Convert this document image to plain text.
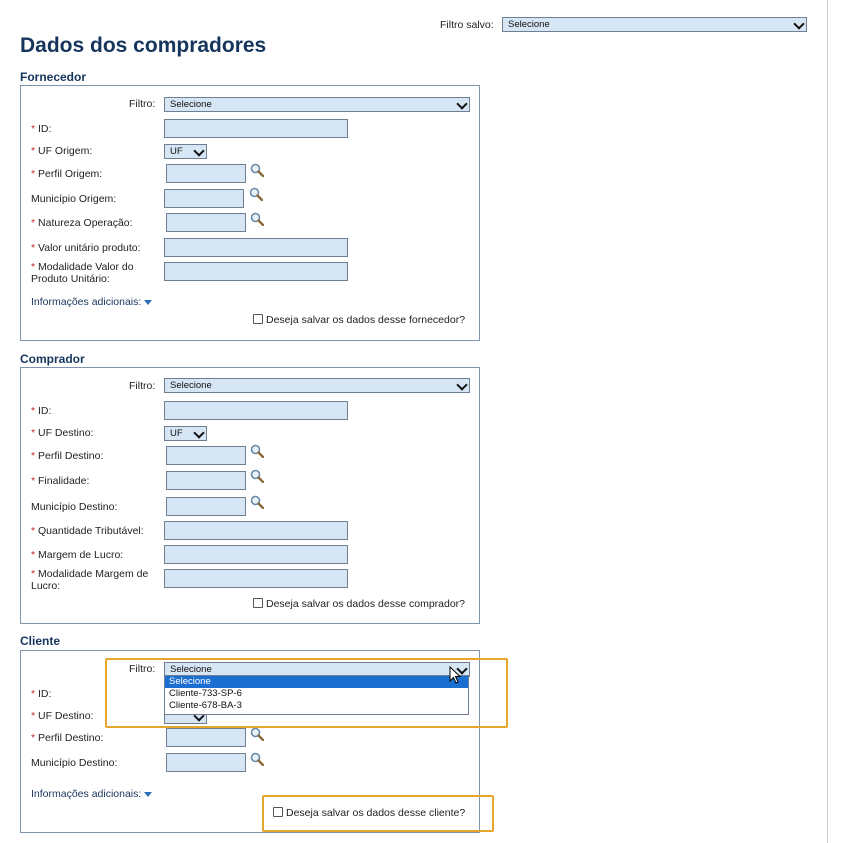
Filtro salvo:	Selecione
Dados dos compradores
Fornecedor
Filtro:	Selecione
* ID:
* UF Origem:	UF
* Perfil Origem:
Município Origem:
* Natureza Operação:
* Valor unitário produto:
* Modalidade Valor do
Produto Unitário:
Informações adicionais:
Deseja salvar os dados desse fornecedor?
Comprador
Filtro:	Selecione
* ID:
* UF Destino:	UF
* Perfil Destino:
* Finalidade:
Município Destino:
* Quantidade Tributável:
* Margem de Lucro:
* Modalidade Margem de
Lucro:
Deseja salvar os dados desse comprador?
Cliente
Filtro:	Selecione
* ID:
* UF Destino:
* Perfil Destino:
Município Destino:
Informações adicionais:
Deseja salvar os dados desse cliente?
Selecione
Cliente-733-SP-6
Cliente-678-BA-3
